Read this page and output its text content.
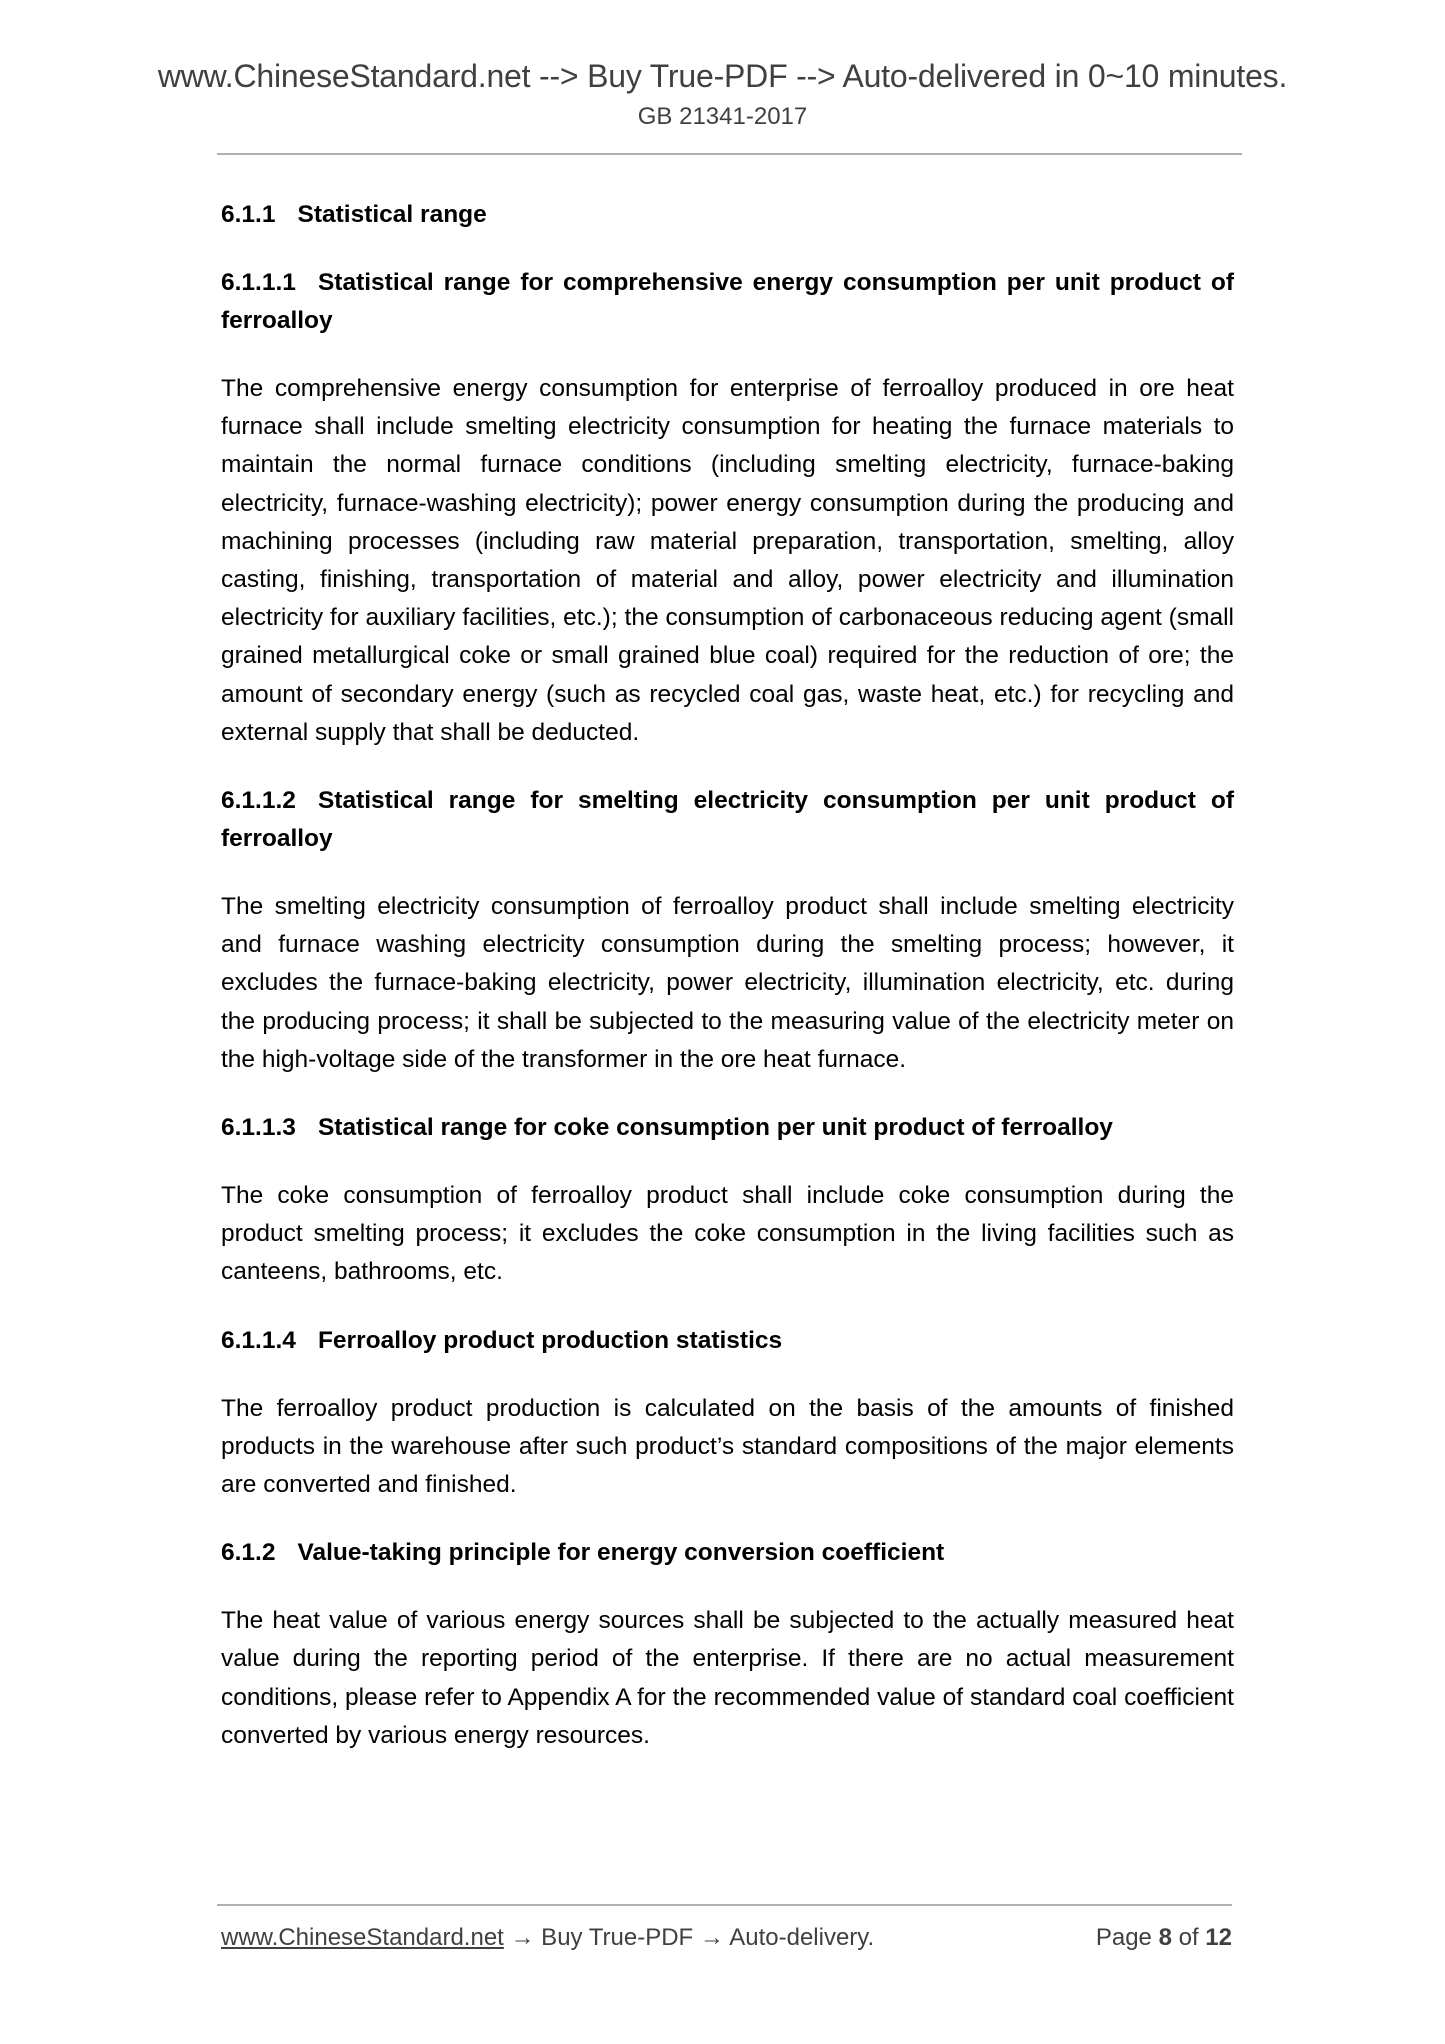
www.ChineseStandard.net --> Buy True-PDF --> Auto-delivered in 0~10 minutes.
GB 21341-2017
6.1.1 Statistical range
6.1.1.1 Statistical range for comprehensive energy consumption per unit product of ferroalloy

The comprehensive energy consumption for enterprise of ferroalloy produced in ore heat furnace shall include smelting electricity consumption for heating the furnace materials to maintain the normal furnace conditions (including smelting electricity, furnace-baking electricity, furnace-washing electricity); power energy consumption during the producing and machining processes (including raw material preparation, transportation, smelting, alloy casting, finishing, transportation of material and alloy, power electricity and illumination electricity for auxiliary facilities, etc.); the consumption of carbonaceous reducing agent (small grained metallurgical coke or small grained blue coal) required for the reduction of ore; the amount of secondary energy (such as recycled coal gas, waste heat, etc.) for recycling and external supply that shall be deducted.

6.1.1.2 Statistical range for smelting electricity consumption per unit product of ferroalloy

The smelting electricity consumption of ferroalloy product shall include smelting electricity and furnace washing electricity consumption during the smelting process; however, it excludes the furnace-baking electricity, power electricity, illumination electricity, etc. during the producing process; it shall be subjected to the measuring value of the electricity meter on the high-voltage side of the transformer in the ore heat furnace.

6.1.1.3 Statistical range for coke consumption per unit product of ferroalloy

The coke consumption of ferroalloy product shall include coke consumption during the product smelting process; it excludes the coke consumption in the living facilities such as canteens, bathrooms, etc.

6.1.1.4 Ferroalloy product production statistics

The ferroalloy product production is calculated on the basis of the amounts of finished products in the warehouse after such product’s standard compositions of the major elements are converted and finished.

6.1.2 Value-taking principle for energy conversion coefficient

The heat value of various energy sources shall be subjected to the actually measured heat value during the reporting period of the enterprise. If there are no actual measurement conditions, please refer to Appendix A for the recommended value of standard coal coefficient converted by various energy resources.

www.ChineseStandard.net → Buy True-PDF → Auto-delivery.	Page 8 of 12
